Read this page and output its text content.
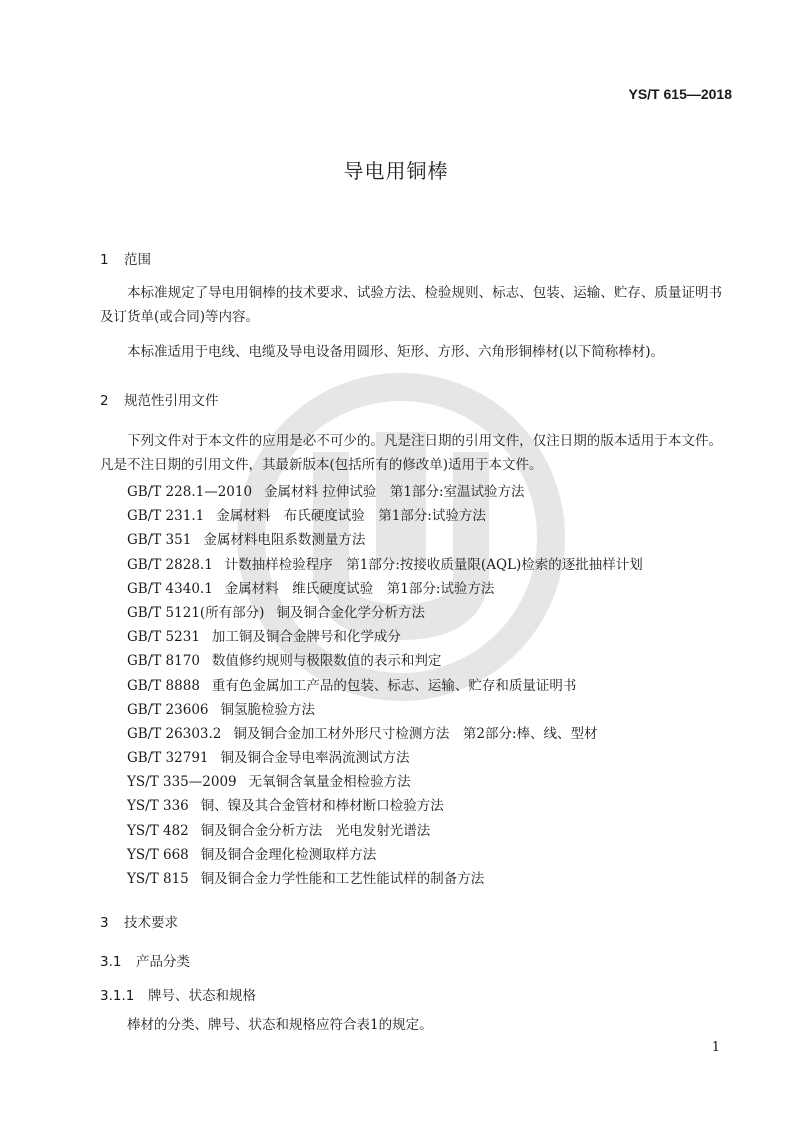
YS/T 615—2018
导电用铜棒
1 范围

本标准规定了导电用铜棒的技术要求、试验方法、检验规则、标志、包装、运输、贮存、质量证明书及订货单(或合同)等内容。

本标准适用于电线、电缆及导电设备用圆形、矩形、方形、六角形铜棒材(以下简称棒材)。

2 规范性引用文件

下列文件对于本文件的应用是必不可少的。凡是注日期的引用文件，仅注日期的版本适用于本文件。凡是不注日期的引用文件，其最新版本(包括所有的修改单)适用于本文件。

GB/T 228.1—2010 金属材料 拉伸试验　第1部分:室温试验方法
GB/T 231.1 金属材料　布氏硬度试验　第1部分:试验方法
GB/T 351 金属材料电阻系数测量方法
GB/T 2828.1 计数抽样检验程序　第1部分:按接收质量限(AQL)检索的逐批抽样计划
GB/T 4340.1 金属材料　维氏硬度试验　第1部分:试验方法
GB/T 5121(所有部分) 铜及铜合金化学分析方法
GB/T 5231 加工铜及铜合金牌号和化学成分
GB/T 8170 数值修约规则与极限数值的表示和判定
GB/T 8888 重有色金属加工产品的包装、标志、运输、贮存和质量证明书
GB/T 23606 铜氢脆检验方法
GB/T 26303.2 铜及铜合金加工材外形尺寸检测方法　第2部分:棒、线、型材
GB/T 32791 铜及铜合金导电率涡流测试方法
YS/T 335—2009 无氧铜含氧量金相检验方法
YS/T 336 铜、镍及其合金管材和棒材断口检验方法
YS/T 482 铜及铜合金分析方法　光电发射光谱法
YS/T 668 铜及铜合金理化检测取样方法
YS/T 815 铜及铜合金力学性能和工艺性能试样的制备方法
3 技术要求
3.1 产品分类
3.1.1 牌号、状态和规格

棒材的分类、牌号、状态和规格应符合表1的规定。

1
